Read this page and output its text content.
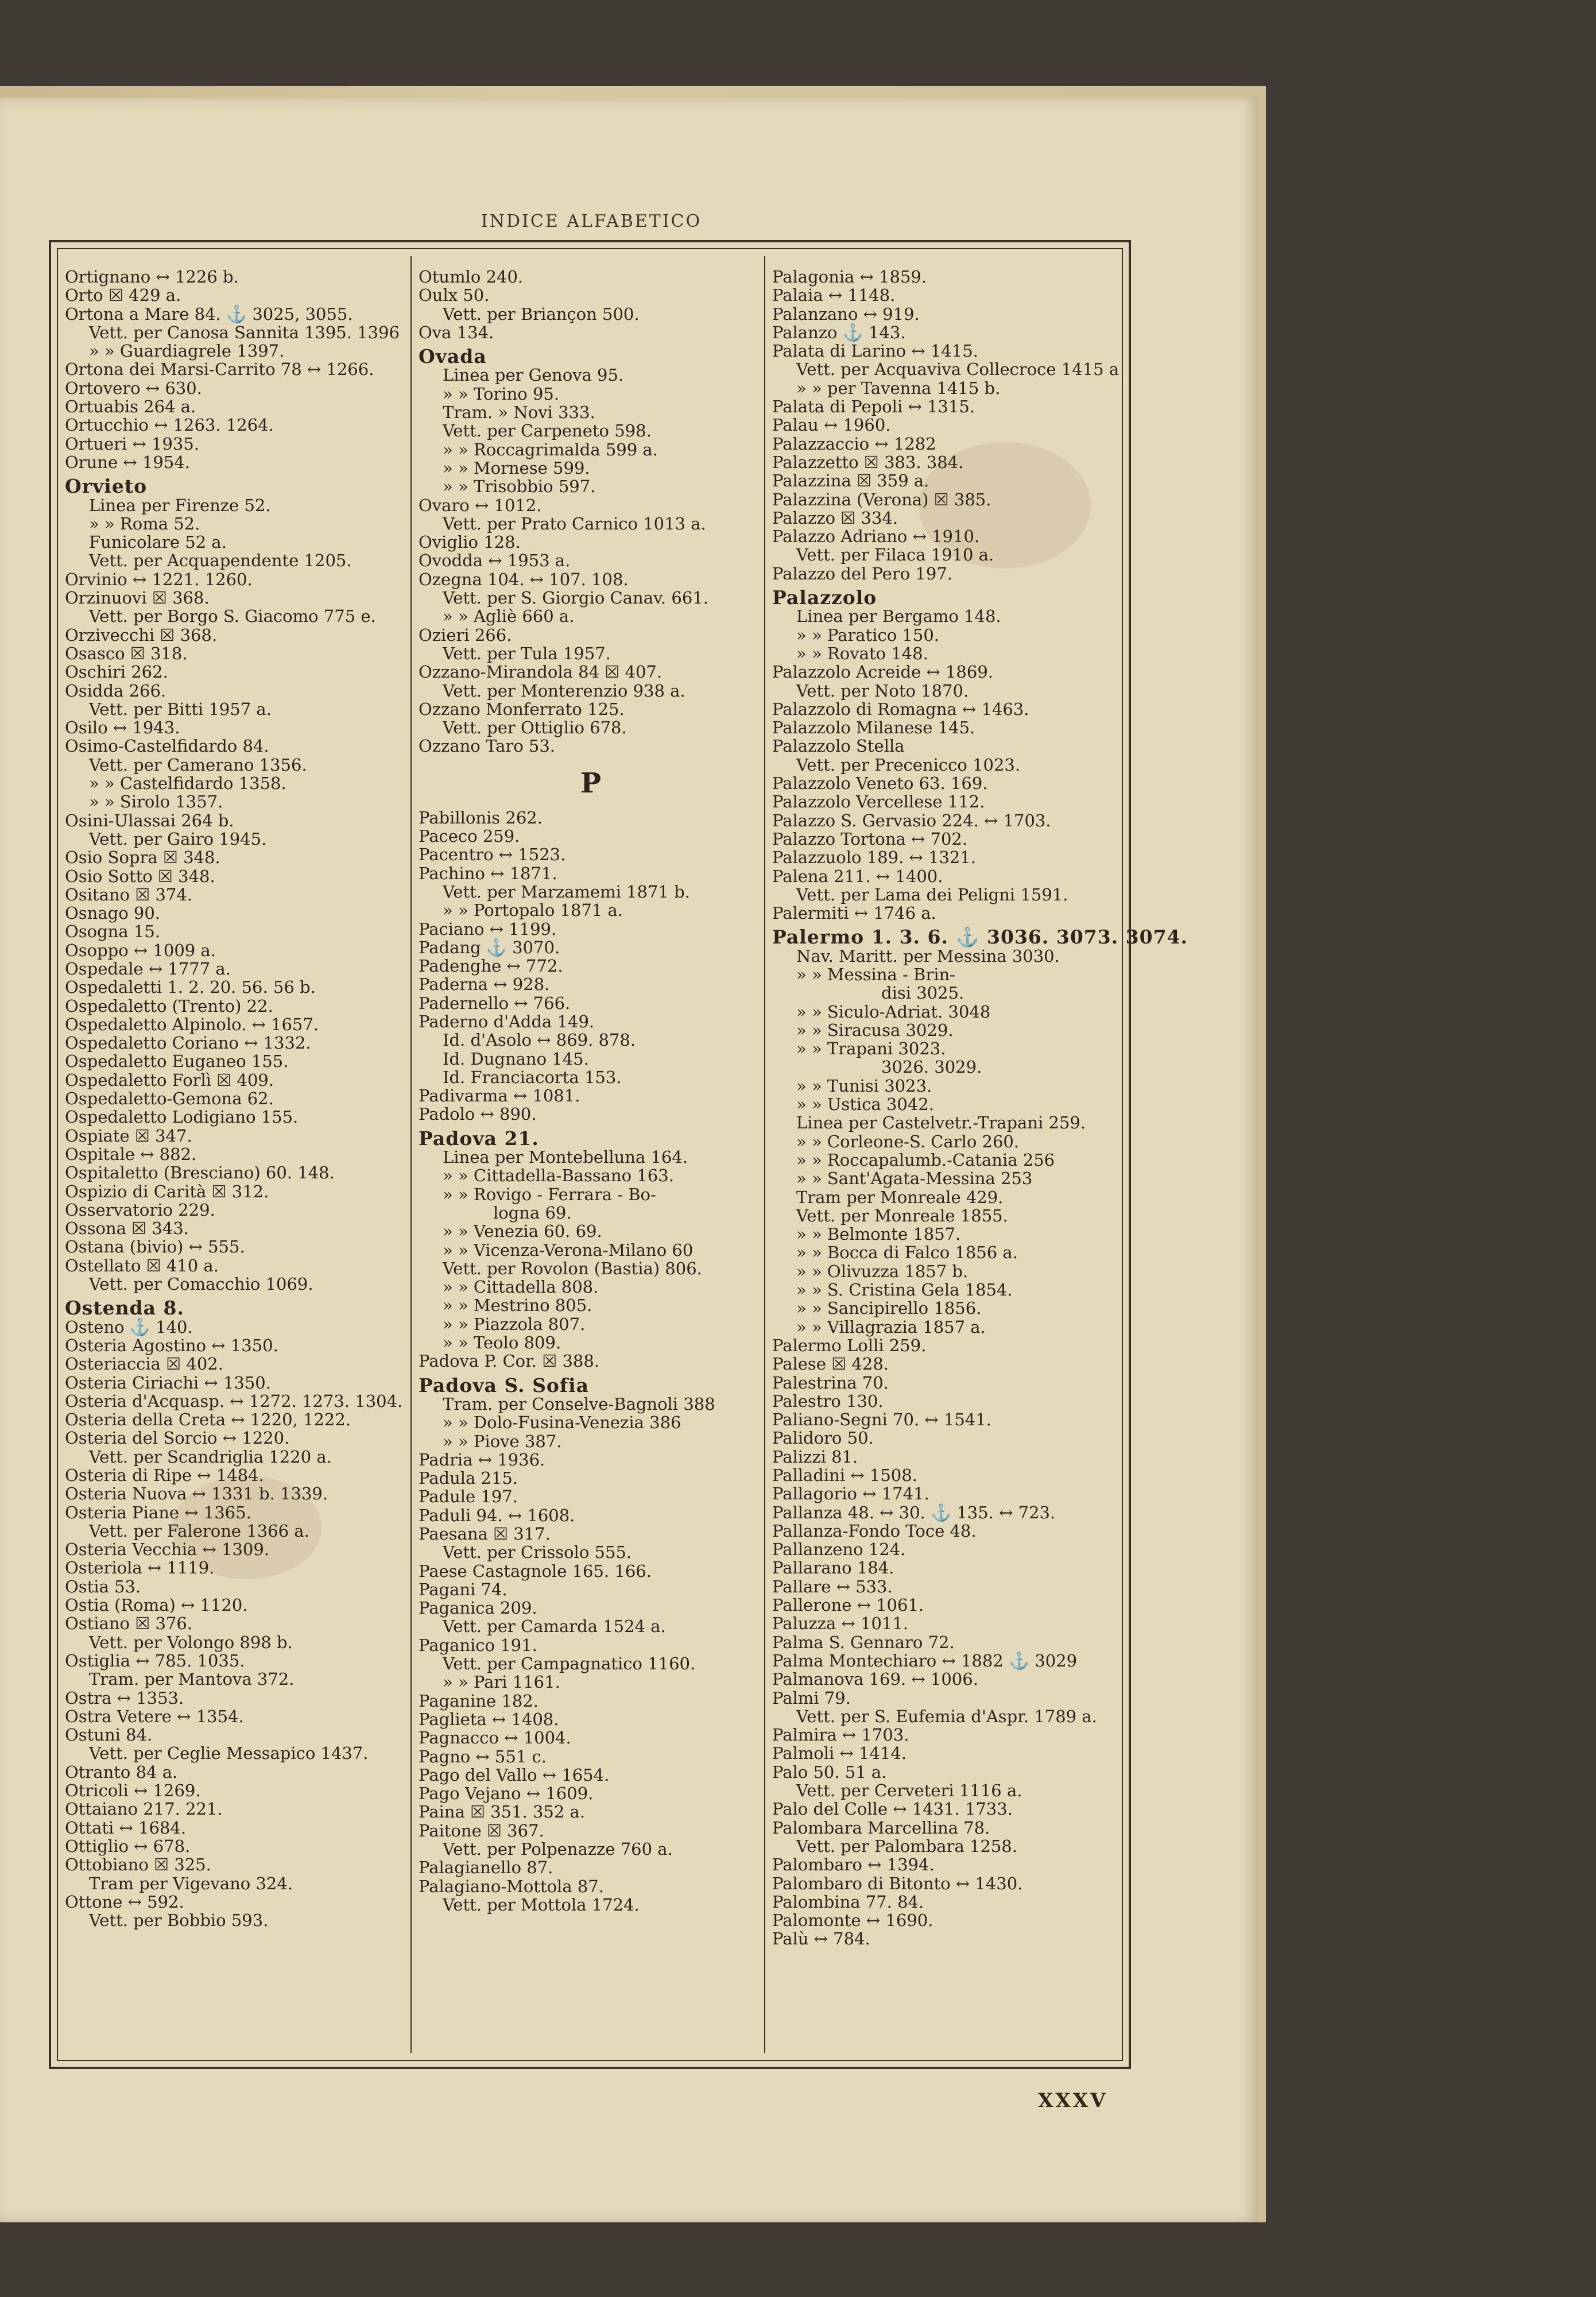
INDICE ALFABETICO
Ortignano ↔ 1226 b.
Orto ☒ 429 a.
Ortona a Mare 84. ⚓ 3025, 3055.
Vett. per Canosa Sannita 1395. 1396
» » Guardiagrele 1397.
Ortona dei Marsi-Carrito 78 ↔ 1266.
Ortovero ↔ 630.
Ortuabis 264 a.
Ortucchio ↔ 1263. 1264.
Ortueri ↔ 1935.
Orune ↔ 1954.
Orvieto
Linea per Firenze 52.
» » Roma 52.
Funicolare 52 a.
Vett. per Acquapendente 1205.
Orvinio ↔ 1221. 1260.
Orzinuovi ☒ 368.
Vett. per Borgo S. Giacomo 775 e.
Orzivecchi ☒ 368.
Osasco ☒ 318.
Oschiri 262.
Osidda 266.
Vett. per Bitti 1957 a.
Osilo ↔ 1943.
Osimo-Castelfidardo 84.
Vett. per Camerano 1356.
» » Castelfidardo 1358.
» » Sirolo 1357.
Osini-Ulassai 264 b.
Vett. per Gairo 1945.
Osio Sopra ☒ 348.
Osio Sotto ☒ 348.
Ositano ☒ 374.
Osnago 90.
Osogna 15.
Osoppo ↔ 1009 a.
Ospedale ↔ 1777 a.
Ospedaletti 1. 2. 20. 56. 56 b.
Ospedaletto (Trento) 22.
Ospedaletto Alpinolo. ↔ 1657.
Ospedaletto Coriano ↔ 1332.
Ospedaletto Euganeo 155.
Ospedaletto Forlì ☒ 409.
Ospedaletto-Gemona 62.
Ospedaletto Lodigiano 155.
Ospiate ☒ 347.
Ospitale ↔ 882.
Ospitaletto (Bresciano) 60. 148.
Ospizio di Carità ☒ 312.
Osservatorio 229.
Ossona ☒ 343.
Ostana (bivio) ↔ 555.
Ostellato ☒ 410 a.
Vett. per Comacchio 1069.
Ostenda 8.
Osteno ⚓ 140.
Osteria Agostino ↔ 1350.
Osteriaccia ☒ 402.
Osteria Ciriachi ↔ 1350.
Osteria d'Acquasp. ↔ 1272. 1273. 1304.
Osteria della Creta ↔ 1220, 1222.
Osteria del Sorcio ↔ 1220.
Vett. per Scandriglia 1220 a.
Osteria di Ripe ↔ 1484.
Osteria Nuova ↔ 1331 b. 1339.
Osteria Piane ↔ 1365.
Vett. per Falerone 1366 a.
Osteria Vecchia ↔ 1309.
Osteriola ↔ 1119.
Ostia 53.
Ostia (Roma) ↔ 1120.
Ostiano ☒ 376.
Vett. per Volongo 898 b.
Ostiglia ↔ 785. 1035.
Tram. per Mantova 372.
Ostra ↔ 1353.
Ostra Vetere ↔ 1354.
Ostuni 84.
Vett. per Ceglie Messapico 1437.
Otranto 84 a.
Otricoli ↔ 1269.
Ottaiano 217. 221.
Ottati ↔ 1684.
Ottiglio ↔ 678.
Ottobiano ☒ 325.
Tram per Vigevano 324.
Ottone ↔ 592.
Vett. per Bobbio 593.
Otumlo 240.
Oulx 50.
Vett. per Briançon 500.
Ova 134.
Ovada
Linea per Genova 95.
» » Torino 95.
Tram. » Novi 333.
Vett. per Carpeneto 598.
» » Roccagrimalda 599 a.
» » Mornese 599.
» » Trisobbio 597.
Ovaro ↔ 1012.
Vett. per Prato Carnico 1013 a.
Oviglio 128.
Ovodda ↔ 1953 a.
Ozegna 104. ↔ 107. 108.
Vett. per S. Giorgio Canav. 661.
» » Agliè 660 a.
Ozieri 266.
Vett. per Tula 1957.
Ozzano-Mirandola 84 ☒ 407.
Vett. per Monterenzio 938 a.
Ozzano Monferrato 125.
Vett. per Ottiglio 678.
Ozzano Taro 53.
P
Pabillonis 262.
Paceco 259.
Pacentro ↔ 1523.
Pachino ↔ 1871.
Vett. per Marzamemi 1871 b.
» » Portopalo 1871 a.
Paciano ↔ 1199.
Padang ⚓ 3070.
Padenghe ↔ 772.
Paderna ↔ 928.
Padernello ↔ 766.
Paderno d'Adda 149.
Id. d'Asolo ↔ 869. 878.
Id. Dugnano 145.
Id. Franciacorta 153.
Padivarma ↔ 1081.
Padolo ↔ 890.
Padova 21.
Linea per Montebelluna 164.
» » Cittadella-Bassano 163.
» » Rovigo - Ferrara - Bo-
logna 69.
» » Venezia 60. 69.
» » Vicenza-Verona-Milano 60
Vett. per Rovolon (Bastia) 806.
» » Cittadella 808.
» » Mestrino 805.
» » Piazzola 807.
» » Teolo 809.
Padova P. Cor. ☒ 388.
Padova S. Sofia
Tram. per Conselve-Bagnoli 388
» » Dolo-Fusina-Venezia 386
» » Piove 387.
Padria ↔ 1936.
Padula 215.
Padule 197.
Paduli 94. ↔ 1608.
Paesana ☒ 317.
Vett. per Crissolo 555.
Paese Castagnole 165. 166.
Pagani 74.
Paganica 209.
Vett. per Camarda 1524 a.
Paganico 191.
Vett. per Campagnatico 1160.
» » Pari 1161.
Paganine 182.
Paglieta ↔ 1408.
Pagnacco ↔ 1004.
Pagno ↔ 551 c.
Pago del Vallo ↔ 1654.
Pago Vejano ↔ 1609.
Paina ☒ 351. 352 a.
Paitone ☒ 367.
Vett. per Polpenazze 760 a.
Palagianello 87.
Palagiano-Mottola 87.
Vett. per Mottola 1724.
Palagonia ↔ 1859.
Palaia ↔ 1148.
Palanzano ↔ 919.
Palanzo ⚓ 143.
Palata di Larino ↔ 1415.
Vett. per Acquaviva Collecroce 1415 a
» » per Tavenna 1415 b.
Palata di Pepoli ↔ 1315.
Palau ↔ 1960.
Palazzaccio ↔ 1282
Palazzetto ☒ 383. 384.
Palazzina ☒ 359 a.
Palazzina (Verona) ☒ 385.
Palazzo ☒ 334.
Palazzo Adriano ↔ 1910.
Vett. per Filaca 1910 a.
Palazzo del Pero 197.
Palazzolo
Linea per Bergamo 148.
» » Paratico 150.
» » Rovato 148.
Palazzolo Acreide ↔ 1869.
Vett. per Noto 1870.
Palazzolo di Romagna ↔ 1463.
Palazzolo Milanese 145.
Palazzolo Stella
Vett. per Precenicco 1023.
Palazzolo Veneto 63. 169.
Palazzolo Vercellese 112.
Palazzo S. Gervasio 224. ↔ 1703.
Palazzo Tortona ↔ 702.
Palazzuolo 189. ↔ 1321.
Palena 211. ↔ 1400.
Vett. per Lama dei Peligni 1591.
Palermiti ↔ 1746 a.
Palermo 1. 3. 6. ⚓ 3036. 3073. 3074.
Nav. Maritt. per Messina 3030.
» » Messina - Brin-
disi 3025.
» » Siculo-Adriat. 3048
» » Siracusa 3029.
» » Trapani 3023.
3026. 3029.
» » Tunisi 3023.
» » Ustica 3042.
Linea per Castelvetr.-Trapani 259.
» » Corleone-S. Carlo 260.
» » Roccapalumb.-Catania 256
» » Sant'Agata-Messina 253
Tram per Monreale 429.
Vett. per Monreale 1855.
» » Belmonte 1857.
» » Bocca di Falco 1856 a.
» » Olivuzza 1857 b.
» » S. Cristina Gela 1854.
» » Sancipirello 1856.
» » Villagrazia 1857 a.
Palermo Lolli 259.
Palese ☒ 428.
Palestrina 70.
Palestro 130.
Paliano-Segni 70. ↔ 1541.
Palidoro 50.
Palizzi 81.
Palladini ↔ 1508.
Pallagorio ↔ 1741.
Pallanza 48. ↔ 30. ⚓ 135. ↔ 723.
Pallanza-Fondo Toce 48.
Pallanzeno 124.
Pallarano 184.
Pallare ↔ 533.
Pallerone ↔ 1061.
Paluzza ↔ 1011.
Palma S. Gennaro 72.
Palma Montechiaro ↔ 1882 ⚓ 3029
Palmanova 169. ↔ 1006.
Palmi 79.
Vett. per S. Eufemia d'Aspr. 1789 a.
Palmira ↔ 1703.
Palmoli ↔ 1414.
Palo 50. 51 a.
Vett. per Cerveteri 1116 a.
Palo del Colle ↔ 1431. 1733.
Palombara Marcellina 78.
Vett. per Palombara 1258.
Palombaro ↔ 1394.
Palombaro di Bitonto ↔ 1430.
Palombina 77. 84.
Palomonte ↔ 1690.
Palù ↔ 784.
XXXV
